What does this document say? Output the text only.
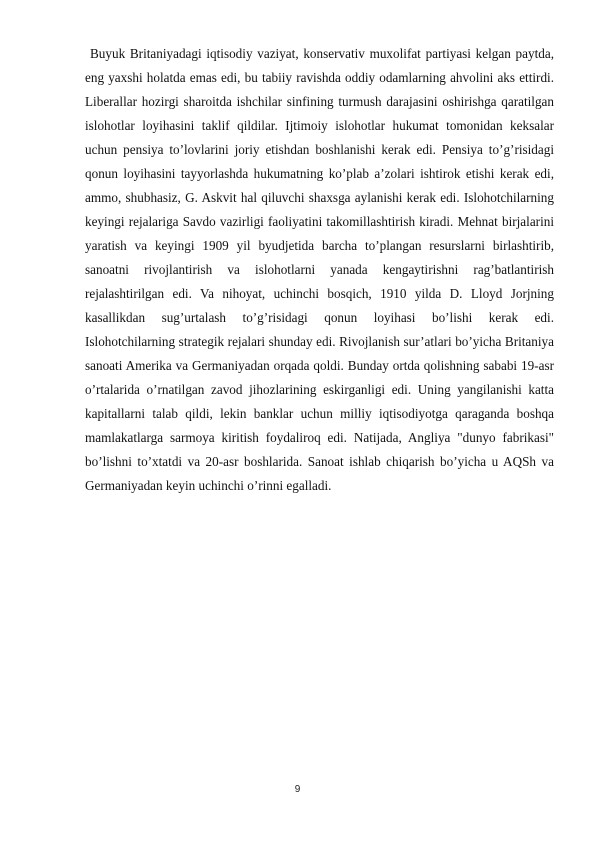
Buyuk Britaniyadagi iqtisodiy vaziyat, konservativ muxolifat partiyasi kelgan paytda, eng yaxshi holatda emas edi, bu tabiiy ravishda oddiy odamlarning ahvolini aks ettirdi. Liberallar hozirgi sharoitda ishchilar sinfining turmush darajasini oshirishga qaratilgan islohotlar loyihasini taklif qildilar. Ijtimoiy islohotlar hukumat tomonidan keksalar uchun pensiya to’lovlarini joriy etishdan boshlanishi kerak edi. Pensiya to’g’risidagi qonun loyihasini tayyorlashda hukumatning ko’plab a’zolari ishtirok etishi kerak edi, ammo, shubhasiz, G. Askvit hal qiluvchi shaxsga aylanishi kerak edi. Islohotchilarning keyingi rejalariga Savdo vazirligi faoliyatini takomillashtirish kiradi. Mehnat birjalarini yaratish va keyingi 1909 yil byudjetida barcha to’plangan resurslarni birlashtirib, sanoatni rivojlantirish va islohotlarni yanada kengaytirishni rag’batlantirish rejalashtirilgan edi. Va nihoyat, uchinchi bosqich, 1910 yilda D. Lloyd Jorjning kasallikdan sug’urtalash to’g’risidagi qonun loyihasi bo’lishi kerak edi. Islohotchilarning strategik rejalari shunday edi. Rivojlanish sur’atlari bo’yicha Britaniya sanoati Amerika va Germaniyadan orqada qoldi. Bunday ortda qolishning sababi 19-asr o’rtalarida o’rnatilgan zavod jihozlarining eskirganligi edi. Uning yangilanishi katta kapitallarni talab qildi, lekin banklar uchun milliy iqtisodiyotga qaraganda boshqa mamlakatlarga sarmoya kiritish foydaliroq edi. Natijada, Angliya "dunyo fabrikasi" bo’lishni to’xtatdi va 20-asr boshlarida. Sanoat ishlab chiqarish bo’yicha u AQSh va Germaniyadan keyin uchinchi o’rinni egalladi.

9
